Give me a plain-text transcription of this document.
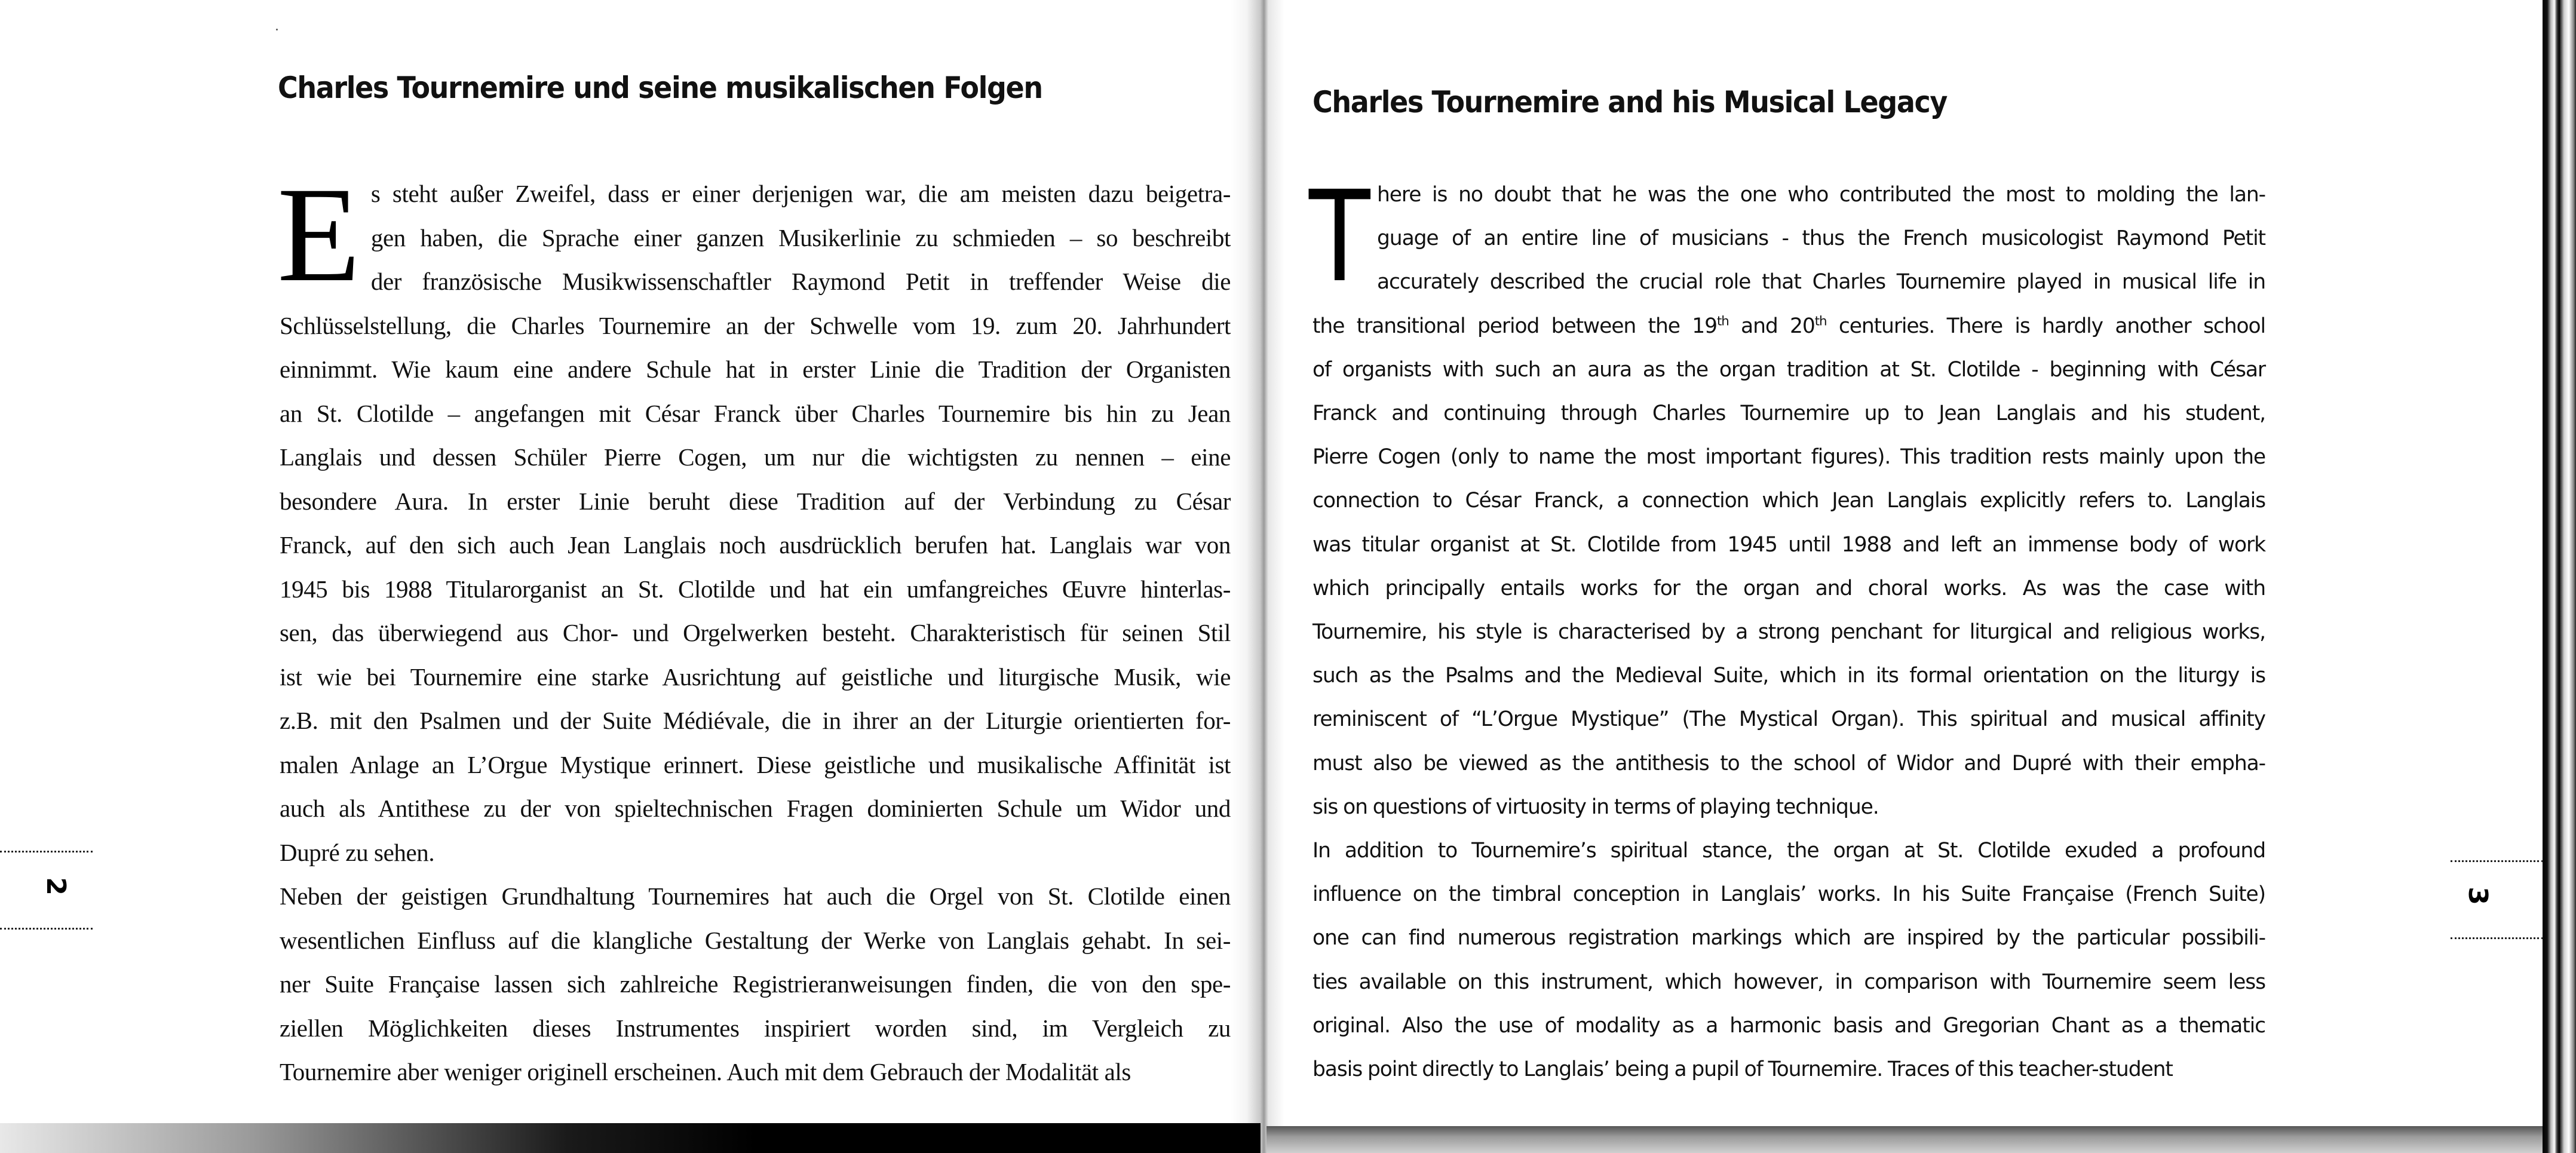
Charles Tournemire und seine musikalischen Folgen
E s steht außer Zweifel, dass er einer derjenigen war, die am meisten dazu beigetra-
gen haben, die Sprache einer ganzen Musikerlinie zu schmieden – so beschreibt
der französische Musikwissenschaftler Raymond Petit in treffender Weise die
Schlüsselstellung, die Charles Tournemire an der Schwelle vom 19. zum 20. Jahrhundert
einnimmt. Wie kaum eine andere Schule hat in erster Linie die Tradition der Organisten
an St. Clotilde – angefangen mit César Franck über Charles Tournemire bis hin zu Jean
Langlais und dessen Schüler Pierre Cogen, um nur die wichtigsten zu nennen – eine
besondere Aura. In erster Linie beruht diese Tradition auf der Verbindung zu César
Franck, auf den sich auch Jean Langlais noch ausdrücklich berufen hat. Langlais war von
1945 bis 1988 Titularorganist an St. Clotilde und hat ein umfangreiches Œuvre hinterlas-
sen, das überwiegend aus Chor- und Orgelwerken besteht. Charakteristisch für seinen Stil
ist wie bei Tournemire eine starke Ausrichtung auf geistliche und liturgische Musik, wie
z.B. mit den Psalmen und der Suite Médiévale, die in ihrer an der Liturgie orientierten for-
malen Anlage an L’Orgue Mystique erinnert. Diese geistliche und musikalische Affinität ist
auch als Antithese zu der von spieltechnischen Fragen dominierten Schule um Widor und
Dupré zu sehen.

Neben der geistigen Grundhaltung Tournemires hat auch die Orgel von St. Clotilde einen
wesentlichen Einfluss auf die klangliche Gestaltung der Werke von Langlais gehabt. In sei-
ner Suite Française lassen sich zahlreiche Registrieranweisungen finden, die von den spe-
ziellen Möglichkeiten dieses Instrumentes inspiriert worden sind, im Vergleich zu
Tournemire aber weniger originell erscheinen. Auch mit dem Gebrauch der Modalität als

Charles Tournemire and his Musical Legacy
T here is no doubt that he was the one who contributed the most to molding the lan-
guage of an entire line of musicians - thus the French musicologist Raymond Petit
accurately described the crucial role that Charles Tournemire played in musical life in
the transitional period between the 19th and 20th centuries. There is hardly another school
of organists with such an aura as the organ tradition at St. Clotilde - beginning with César
Franck and continuing through Charles Tournemire up to Jean Langlais and his student,
Pierre Cogen (only to name the most important figures). This tradition rests mainly upon the
connection to César Franck, a connection which Jean Langlais explicitly refers to. Langlais
was titular organist at St. Clotilde from 1945 until 1988 and left an immense body of work
which principally entails works for the organ and choral works. As was the case with
Tournemire, his style is characterised by a strong penchant for liturgical and religious works,
such as the Psalms and the Medieval Suite, which in its formal orientation on the liturgy is
reminiscent of “L’Orgue Mystique” (The Mystical Organ). This spiritual and musical affinity
must also be viewed as the antithesis to the school of Widor and Dupré with their empha-
sis on questions of virtuosity in terms of playing technique.

In addition to Tournemire’s spiritual stance, the organ at St. Clotilde exuded a profound
influence on the timbral conception in Langlais’ works. In his Suite Française (French Suite)
one can find numerous registration markings which are inspired by the particular possibili-
ties available on this instrument, which however, in comparison with Tournemire seem less
original. Also the use of modality as a harmonic basis and Gregorian Chant as a thematic
basis point directly to Langlais’ being a pupil of Tournemire. Traces of this teacher-student

2
3
